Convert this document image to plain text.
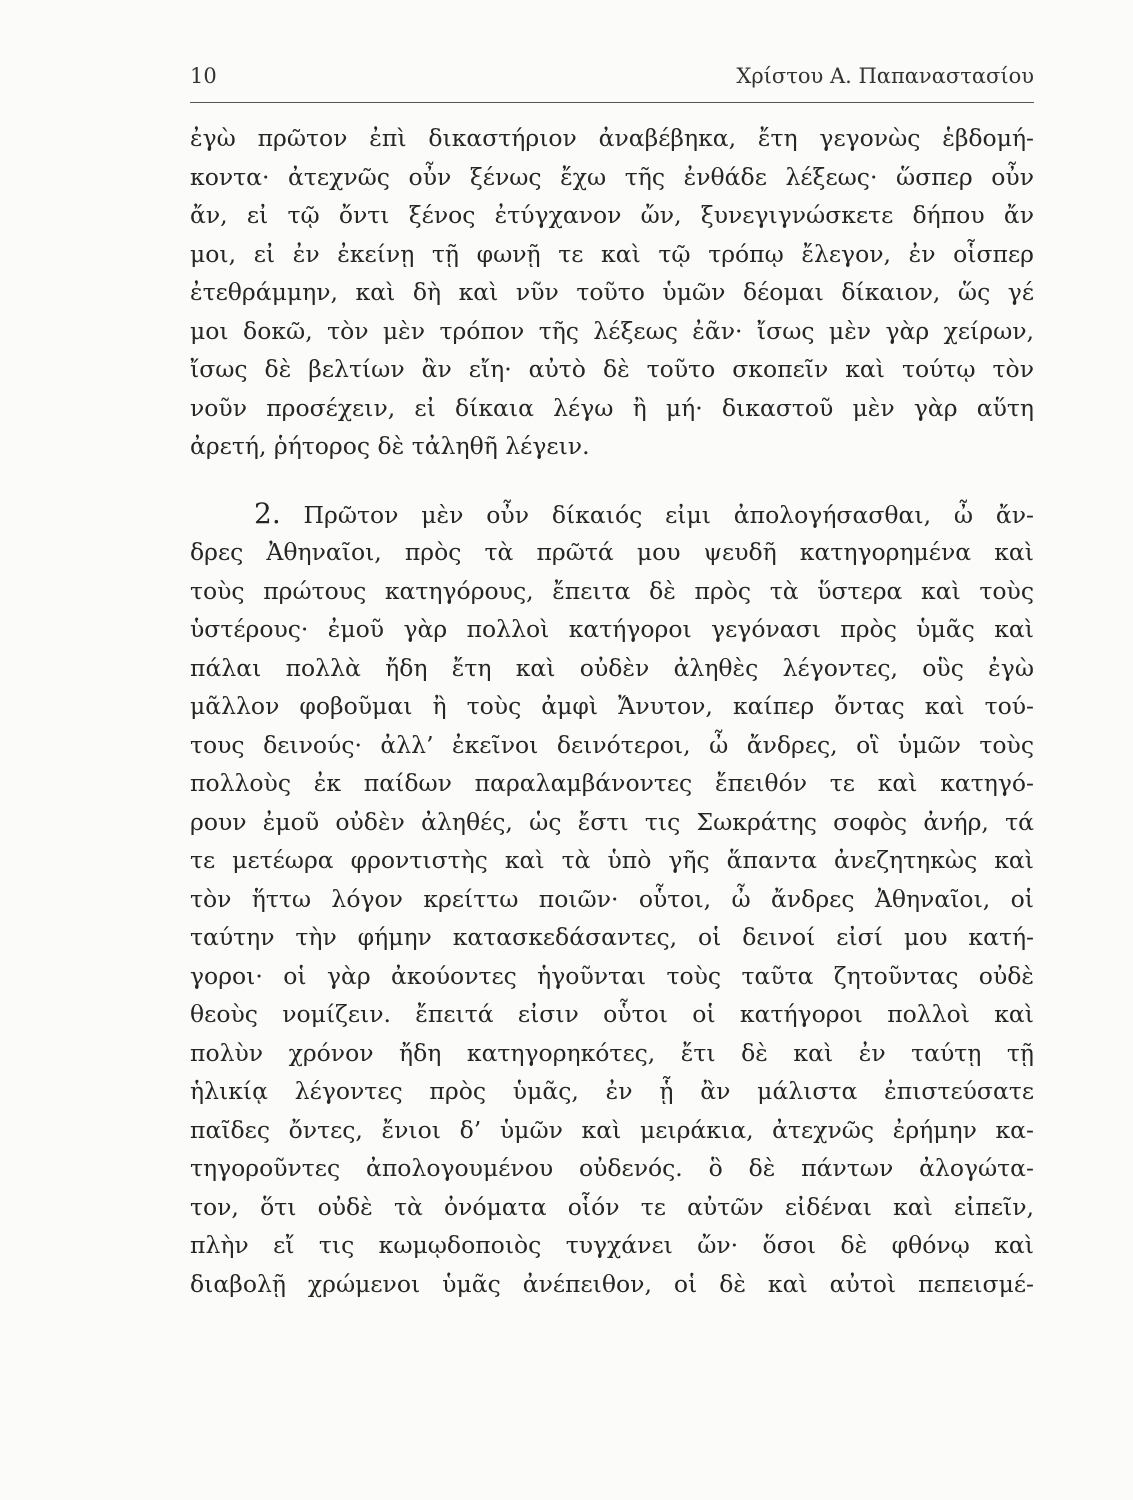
10	Χρίστου Α. Παπαναστασίου
ἐγὼ πρῶτον ἐπὶ δικαστήριον ἀναβέβηκα, ἔτη γεγονὼς ἑβδομή-
κοντα· ἀτεχνῶς οὖν ξένως ἔχω τῆς ἐνθάδε λέξεως· ὥσπερ οὖν
ἄν, εἰ τῷ ὄντι ξένος ἐτύγχανον ὤν, ξυνεγιγνώσκετε δήπου ἄν
μοι, εἰ ἐν ἐκείνῃ τῇ φωνῇ τε καὶ τῷ τρόπῳ ἔλεγον, ἐν οἷσπερ
ἐτεθράμμην, καὶ δὴ καὶ νῦν τοῦτο ὑμῶν δέομαι δίκαιον, ὥς γέ
μοι δοκῶ, τὸν μὲν τρόπον τῆς λέξεως ἐᾶν· ἴσως μὲν γὰρ χείρων,
ἴσως δὲ βελτίων ἂν εἴη· αὐτὸ δὲ τοῦτο σκοπεῖν καὶ τούτῳ τὸν
νοῦν προσέχειν, εἰ δίκαια λέγω ἢ μή· δικαστοῦ μὲν γὰρ αὕτη
ἀρετή, ῥήτορος δὲ τἀληθῆ λέγειν.
2. Πρῶτον μὲν οὖν δίκαιός εἰμι ἀπολογήσασθαι, ὦ ἄν-
δρες Ἀθηναῖοι, πρὸς τὰ πρῶτά μου ψευδῆ κατηγορημένα καὶ
τοὺς πρώτους κατηγόρους, ἔπειτα δὲ πρὸς τὰ ὕστερα καὶ τοὺς
ὑστέρους· ἐμοῦ γὰρ πολλοὶ κατήγοροι γεγόνασι πρὸς ὑμᾶς καὶ
πάλαι πολλὰ ἤδη ἔτη καὶ οὐδὲν ἀληθὲς λέγοντες, οὓς ἐγὼ
μᾶλλον φοβοῦμαι ἢ τοὺς ἀμφὶ Ἄνυτον, καίπερ ὄντας καὶ τού-
τους δεινούς· ἀλλ’ ἐκεῖνοι δεινότεροι, ὦ ἄνδρες, οἳ ὑμῶν τοὺς
πολλοὺς ἐκ παίδων παραλαμβάνοντες ἔπειθόν τε καὶ κατηγό-
ρουν ἐμοῦ οὐδὲν ἀληθές, ὡς ἔστι τις Σωκράτης σοφὸς ἀνήρ, τά
τε μετέωρα φροντιστὴς καὶ τὰ ὑπὸ γῆς ἅπαντα ἀνεζητηκὼς καὶ
τὸν ἥττω λόγον κρείττω ποιῶν· οὗτοι, ὦ ἄνδρες Ἀθηναῖοι, οἱ
ταύτην τὴν φήμην κατασκεδάσαντες, οἱ δεινοί εἰσί μου κατή-
γοροι· οἱ γὰρ ἀκούοντες ἡγοῦνται τοὺς ταῦτα ζητοῦντας οὐδὲ
θεοὺς νομίζειν. ἔπειτά εἰσιν οὗτοι οἱ κατήγοροι πολλοὶ καὶ
πολὺν χρόνον ἤδη κατηγορηκότες, ἔτι δὲ καὶ ἐν ταύτῃ τῇ
ἡλικίᾳ λέγοντες πρὸς ὑμᾶς, ἐν ᾗ ἂν μάλιστα ἐπιστεύσατε
παῖδες ὄντες, ἔνιοι δ’ ὑμῶν καὶ μειράκια, ἀτεχνῶς ἐρήμην κα-
τηγοροῦντες ἀπολογουμένου οὐδενός. ὃ δὲ πάντων ἀλογώτα-
τον, ὅτι οὐδὲ τὰ ὀνόματα οἷόν τε αὐτῶν εἰδέναι καὶ εἰπεῖν,
πλὴν εἴ τις κωμῳδοποιὸς τυγχάνει ὤν· ὅσοι δὲ φθόνῳ καὶ
διαβολῇ χρώμενοι ὑμᾶς ἀνέπειθον, οἱ δὲ καὶ αὐτοὶ πεπεισμέ-
